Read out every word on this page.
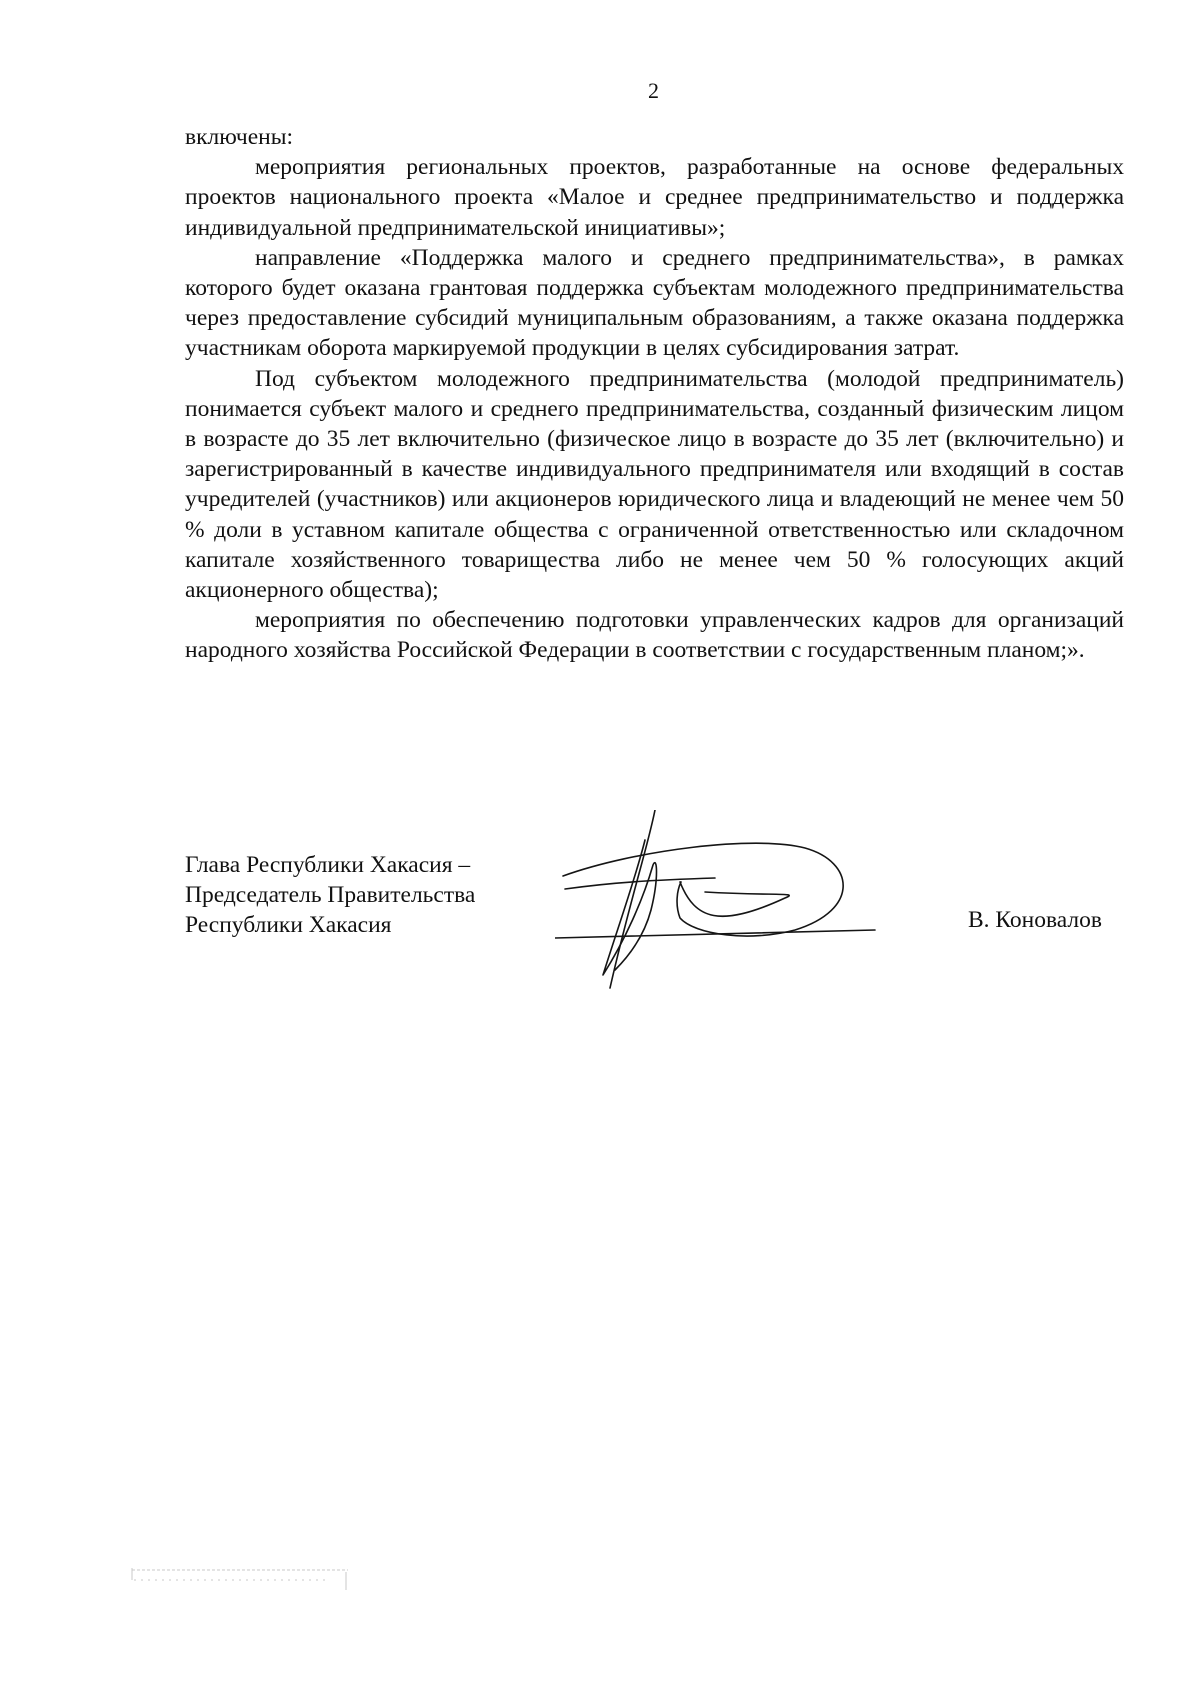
2

включены:

мероприятия региональных проектов, разработанные на основе федеральных проектов национального проекта «Малое и среднее предпринимательство и поддержка индивидуальной предпринимательской инициативы»;

направление «Поддержка малого и среднего предпринимательства», в рамках которого будет оказана грантовая поддержка субъектам молодежного предпринимательства через предоставление субсидий муниципальным образованиям, а также оказана поддержка участникам оборота маркируемой продукции в целях субсидирования затрат.

Под субъектом молодежного предпринимательства (молодой предприниматель) понимается субъект малого и среднего предпринимательства, созданный физическим лицом в возрасте до 35 лет включительно (физическое лицо в возрасте до 35 лет (включительно) и зарегистрированный в качестве индивидуального предпринимателя или входящий в состав учредителей (участников) или акционеров юридического лица и владеющий не менее чем 50 % доли в уставном капитале общества с ограниченной ответственностью или складочном капитале хозяйственного товарищества либо не менее чем 50 % голосующих акций акционерного общества);

мероприятия по обеспечению подготовки управленческих кадров для организаций народного хозяйства Российской Федерации в соответствии с государственным планом;».

Глава Республики Хакасия –
Председатель Правительства
Республики Хакасия	В. Коновалов
